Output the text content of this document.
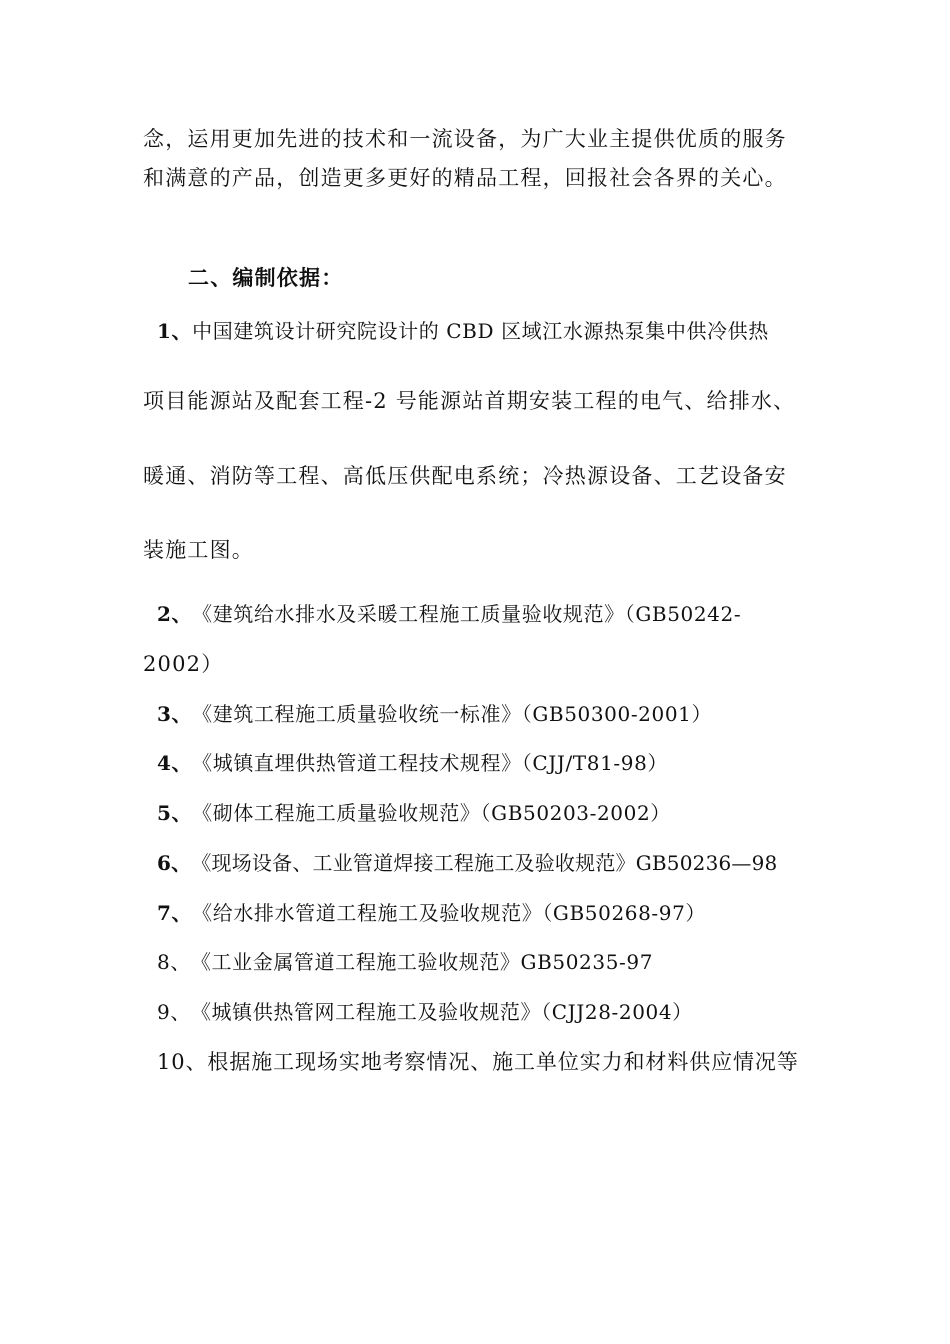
念，运用更加先进的技术和一流设备，为广大业主提供优质的服务
和满意的产品，创造更多更好的精品工程，回报社会各界的关心。
二、编制依据：
1、中国建筑设计研究院设计的 CBD 区域江水源热泵集中供冷供热
项目能源站及配套工程-2 号能源站首期安装工程的电气、给排水、
暖通、消防等工程、高低压供配电系统；冷热源设备、工艺设备安
装施工图。
2、《建筑给水排水及采暖工程施工质量验收规范》（GB50242-
2002）
3、《建筑工程施工质量验收统一标准》（GB50300-2001）
4、《城镇直埋供热管道工程技术规程》（CJJ/T81-98）
5、《砌体工程施工质量验收规范》（GB50203-2002）
6、《现场设备、工业管道焊接工程施工及验收规范》GB50236—98
7、《给水排水管道工程施工及验收规范》（GB50268-97）
8、《工业金属管道工程施工验收规范》GB50235-97
9、《城镇供热管网工程施工及验收规范》（CJJ28-2004）
10、根据施工现场实地考察情况、施工单位实力和材料供应情况等
